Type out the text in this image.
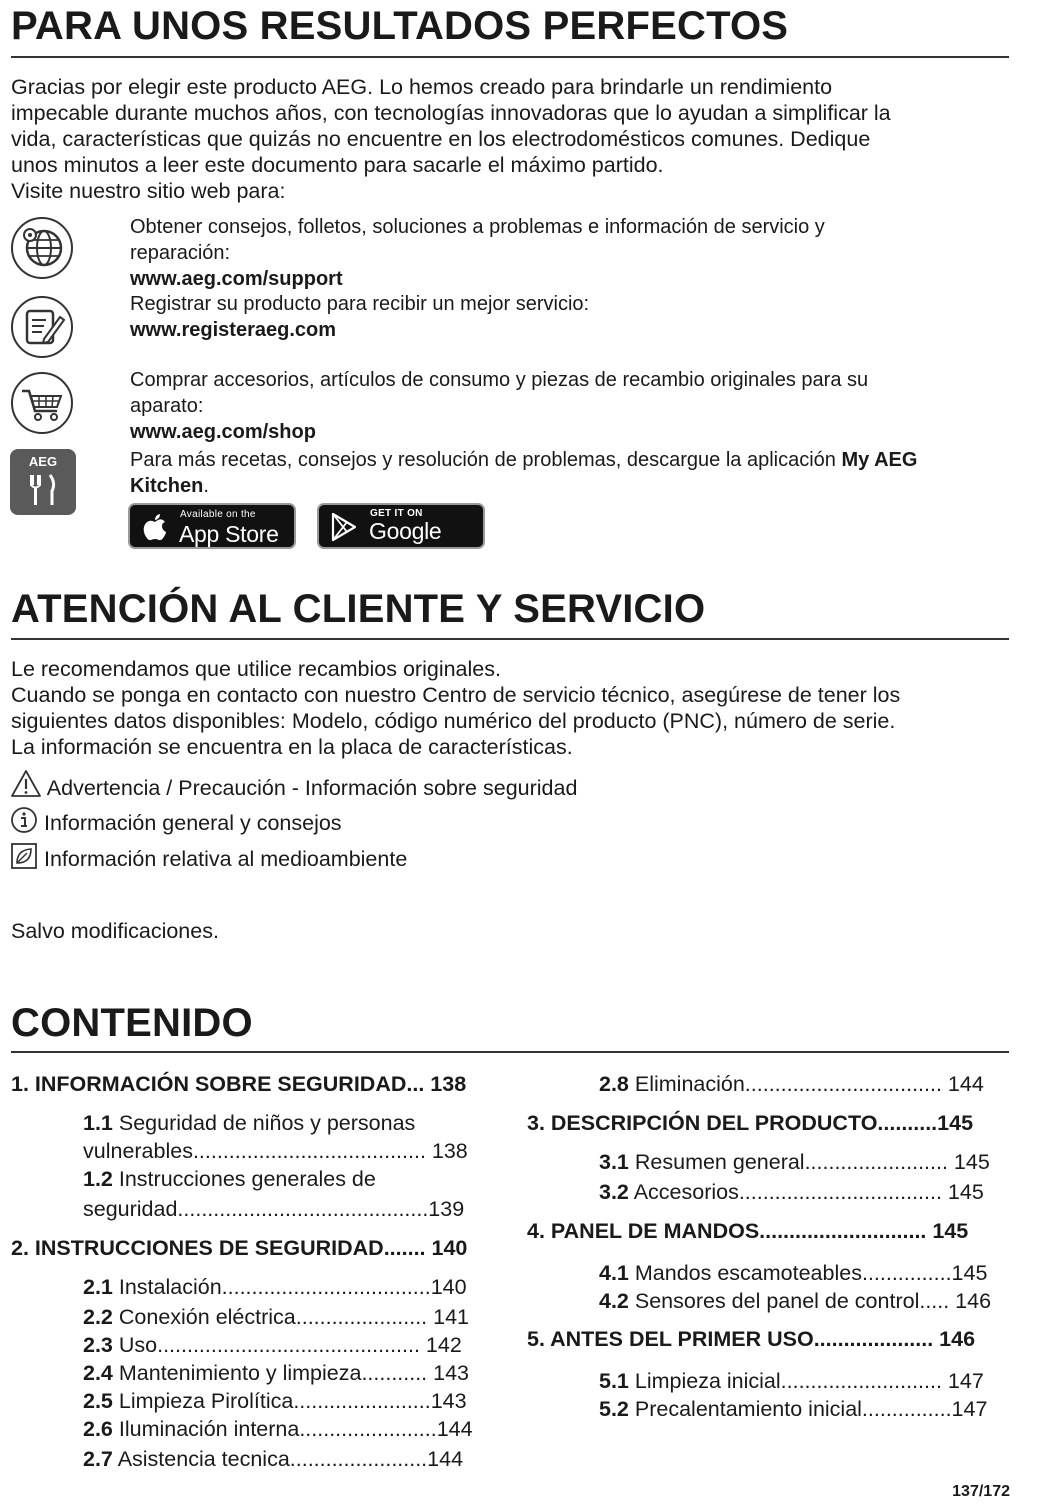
PARA UNOS RESULTADOS PERFECTOS

Gracias por elegir este producto AEG. Lo hemos creado para brindarle un rendimiento

impecable durante muchos años, con tecnologías innovadoras que lo ayudan a simplificar la

vida, características que quizás no encuentre en los electrodomésticos comunes. Dedique

unos minutos a leer este documento para sacarle el máximo partido.

Visite nuestro sitio web para:

Obtener consejos, folletos, soluciones a problemas e información de servicio y
reparación:
www.aeg.com/support
Registrar su producto para recibir un mejor servicio:
www.registeraeg.com
Comprar accesorios, artículos de consumo y piezas de recambio originales para su
aparato:
www.aeg.com/shop
AEG	Para más recetas, consejos y resolución de problemas, descargue la aplicación My AEG
Kitchen.
Available on the
App Store
GET IT ON
Google Play
ATENCIÓN AL CLIENTE Y SERVICIO

Le recomendamos que utilice recambios originales.

Cuando se ponga en contacto con nuestro Centro de servicio técnico, asegúrese de tener los

siguientes datos disponibles: Modelo, código numérico del producto (PNC), número de serie.

La información se encuentra en la placa de características.

Advertencia / Precaución - Información sobre seguridad
Información general y consejos
Información relativa al medioambiente

Salvo modificaciones.

CONTENIDO
1. INFORMACIÓN SOBRE SEGURIDAD... 138
1.1 Seguridad de niños y personas
vulnerables....................................... 138
1.2 Instrucciones generales de
seguridad..........................................139
2. INSTRUCCIONES DE SEGURIDAD....... 140
2.1 Instalación...................................140
2.2 Conexión eléctrica...................... 141
2.3 Uso............................................ 142
2.4 Mantenimiento y limpieza........... 143
2.5 Limpieza Pirolítica.......................143
2.6 Iluminación interna.......................144
2.7 Asistencia tecnica.......................144
2.8 Eliminación................................. 144
3. DESCRIPCIÓN DEL PRODUCTO..........145
3.1 Resumen general........................ 145
3.2 Accesorios.................................. 145
4. PANEL DE MANDOS............................ 145
4.1 Mandos escamoteables...............145
4.2 Sensores del panel de control..... 146
5. ANTES DEL PRIMER USO.................... 146
5.1 Limpieza inicial........................... 147
5.2 Precalentamiento inicial...............147
137/172
